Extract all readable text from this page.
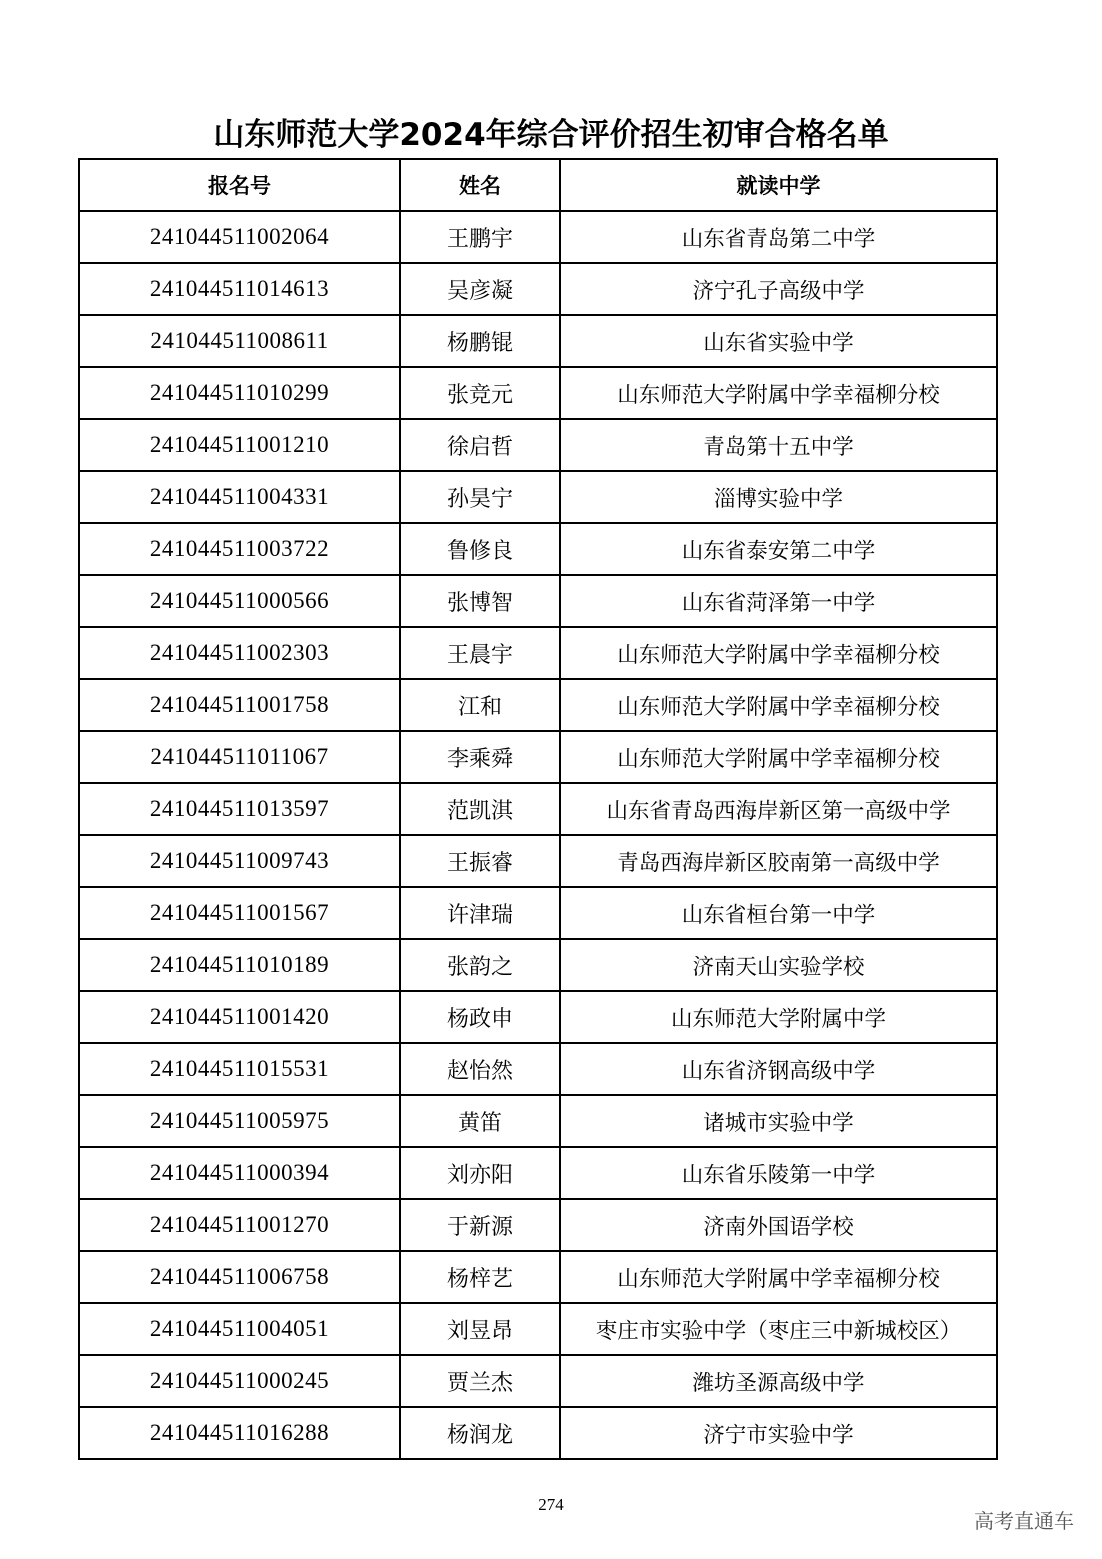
山东师范大学2024年综合评价招生初审合格名单
报名号	姓名	就读中学
241044511002064	王鹏宇	山东省青岛第二中学
241044511014613	吴彦凝	济宁孔子高级中学
241044511008611	杨鹏锟	山东省实验中学
241044511010299	张竞元	山东师范大学附属中学幸福柳分校
241044511001210	徐启哲	青岛第十五中学
241044511004331	孙昊宁	淄博实验中学
241044511003722	鲁修良	山东省泰安第二中学
241044511000566	张博智	山东省菏泽第一中学
241044511002303	王晨宇	山东师范大学附属中学幸福柳分校
241044511001758	江和	山东师范大学附属中学幸福柳分校
241044511011067	李乘舜	山东师范大学附属中学幸福柳分校
241044511013597	范凯淇	山东省青岛西海岸新区第一高级中学
241044511009743	王振睿	青岛西海岸新区胶南第一高级中学
241044511001567	许津瑞	山东省桓台第一中学
241044511010189	张韵之	济南天山实验学校
241044511001420	杨政申	山东师范大学附属中学
241044511015531	赵怡然	山东省济钢高级中学
241044511005975	黄笛	诸城市实验中学
241044511000394	刘亦阳	山东省乐陵第一中学
241044511001270	于新源	济南外国语学校
241044511006758	杨梓艺	山东师范大学附属中学幸福柳分校
241044511004051	刘昱昂	枣庄市实验中学（枣庄三中新城校区）
241044511000245	贾兰杰	潍坊圣源高级中学
241044511016288	杨润龙	济宁市实验中学
274
高考直通车
